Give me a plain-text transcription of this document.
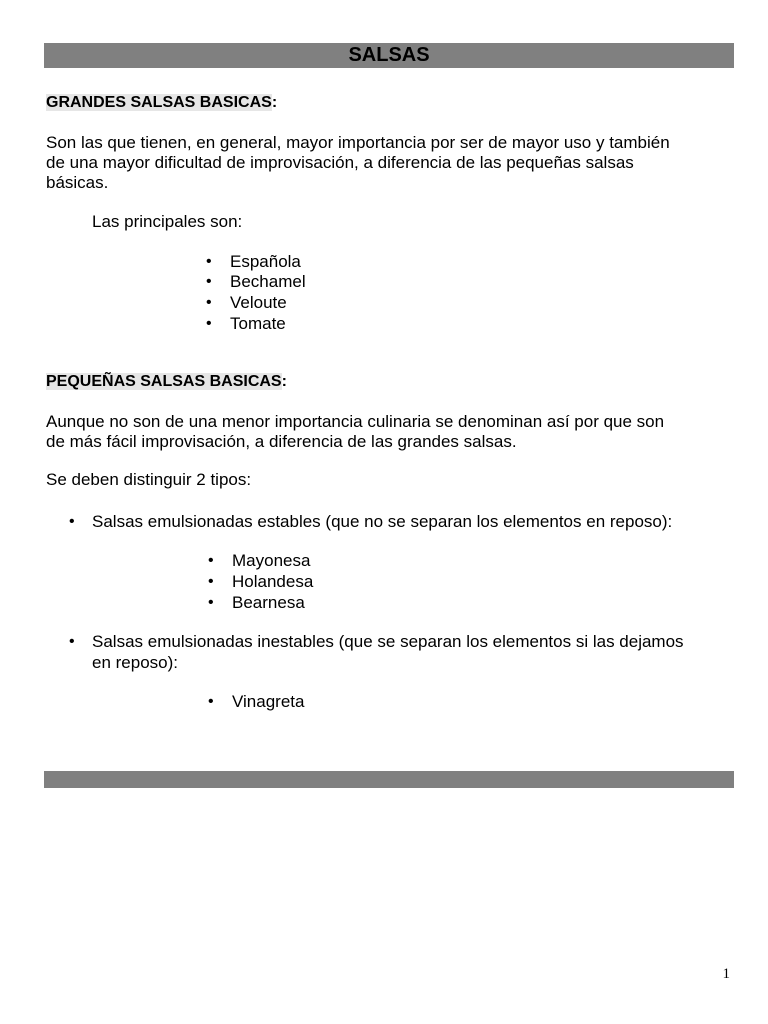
SALSAS
GRANDES SALSAS BASICAS:
Son las que tienen, en general, mayor importancia por ser de mayor uso y también
de una mayor dificultad de improvisación, a diferencia de las pequeñas salsas
básicas.
Las principales son:
• Española
• Bechamel
• Veloute
• Tomate
PEQUEÑAS SALSAS BASICAS:
Aunque no son de una menor importancia culinaria se denominan así por que son
de más fácil improvisación, a diferencia de las grandes salsas.
Se deben distinguir 2 tipos:
• Salsas emulsionadas estables (que no se separan los elementos en reposo):
• Mayonesa
• Holandesa
• Bearnesa
• Salsas emulsionadas inestables (que se separan los elementos si las dejamos
en reposo):
• Vinagreta
1
